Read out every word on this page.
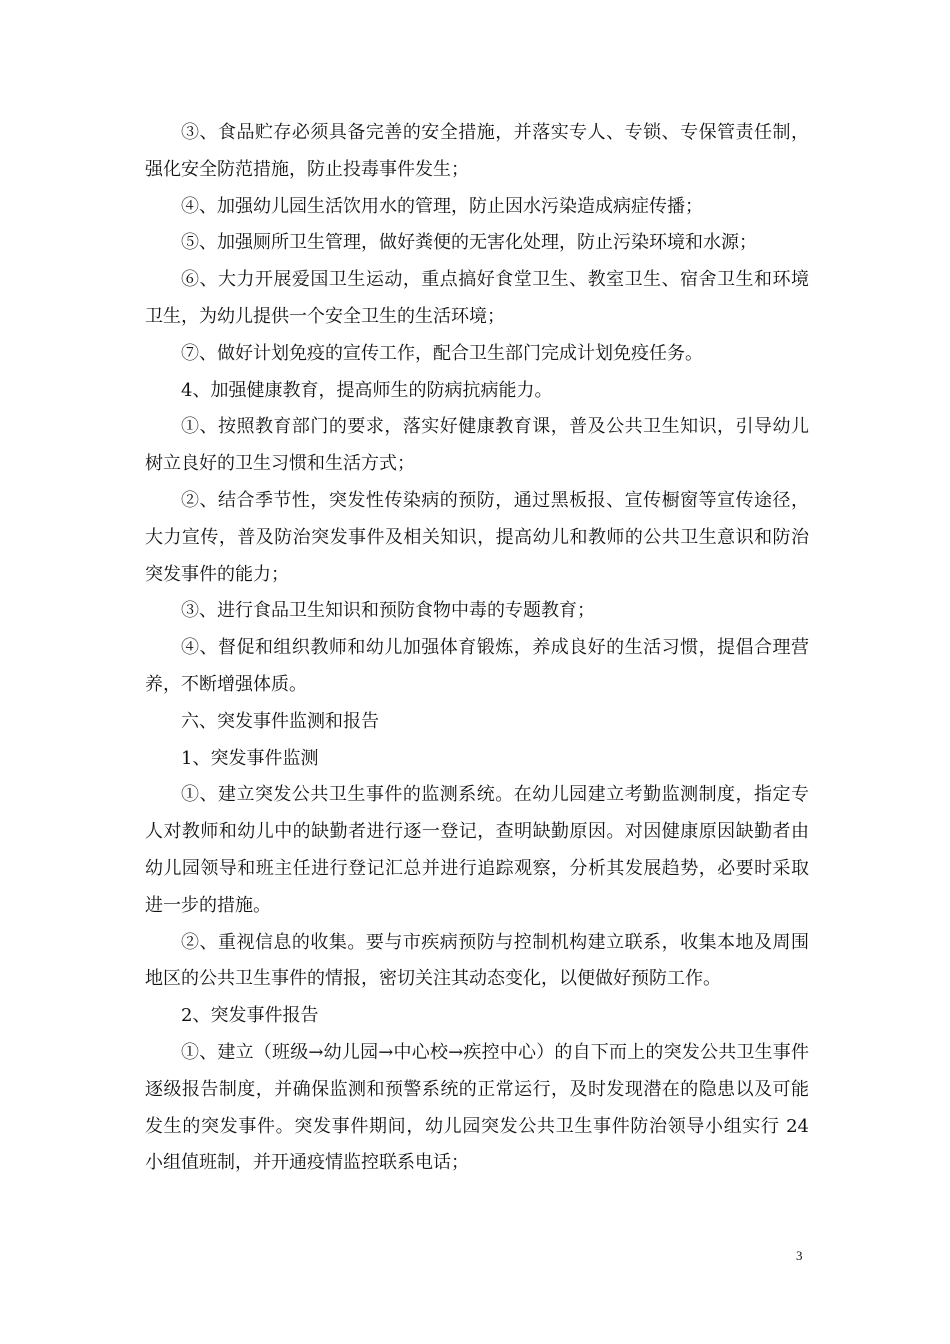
③、食品贮存必须具备完善的安全措施，并落实专人、专锁、专保管责任制，强化安全防范措施，防止投毒事件发生；

④、加强幼儿园生活饮用水的管理，防止因水污染造成病症传播；

⑤、加强厕所卫生管理，做好粪便的无害化处理，防止污染环境和水源；

⑥、大力开展爱国卫生运动，重点搞好食堂卫生、教室卫生、宿舍卫生和环境卫生，为幼儿提供一个安全卫生的生活环境；

⑦、做好计划免疫的宣传工作，配合卫生部门完成计划免疫任务。

4、加强健康教育，提高师生的防病抗病能力。

①、按照教育部门的要求，落实好健康教育课，普及公共卫生知识，引导幼儿树立良好的卫生习惯和生活方式；

②、结合季节性，突发性传染病的预防，通过黑板报、宣传橱窗等宣传途径，大力宣传，普及防治突发事件及相关知识，提高幼儿和教师的公共卫生意识和防治突发事件的能力；

③、进行食品卫生知识和预防食物中毒的专题教育；

④、督促和组织教师和幼儿加强体育锻炼，养成良好的生活习惯，提倡合理营养，不断增强体质。

六、突发事件监测和报告

1、突发事件监测

①、建立突发公共卫生事件的监测系统。在幼儿园建立考勤监测制度，指定专人对教师和幼儿中的缺勤者进行逐一登记，查明缺勤原因。对因健康原因缺勤者由幼儿园领导和班主任进行登记汇总并进行追踪观察，分析其发展趋势，必要时采取进一步的措施。

②、重视信息的收集。要与市疾病预防与控制机构建立联系，收集本地及周围地区的公共卫生事件的情报，密切关注其动态变化，以便做好预防工作。

2、突发事件报告

①、建立（班级→幼儿园→中心校→疾控中心）的自下而上的突发公共卫生事件逐级报告制度，并确保监测和预警系统的正常运行，及时发现潜在的隐患以及可能发生的突发事件。突发事件期间，幼儿园突发公共卫生事件防治领导小组实行 24 小组值班制，并开通疫情监控联系电话；

3
